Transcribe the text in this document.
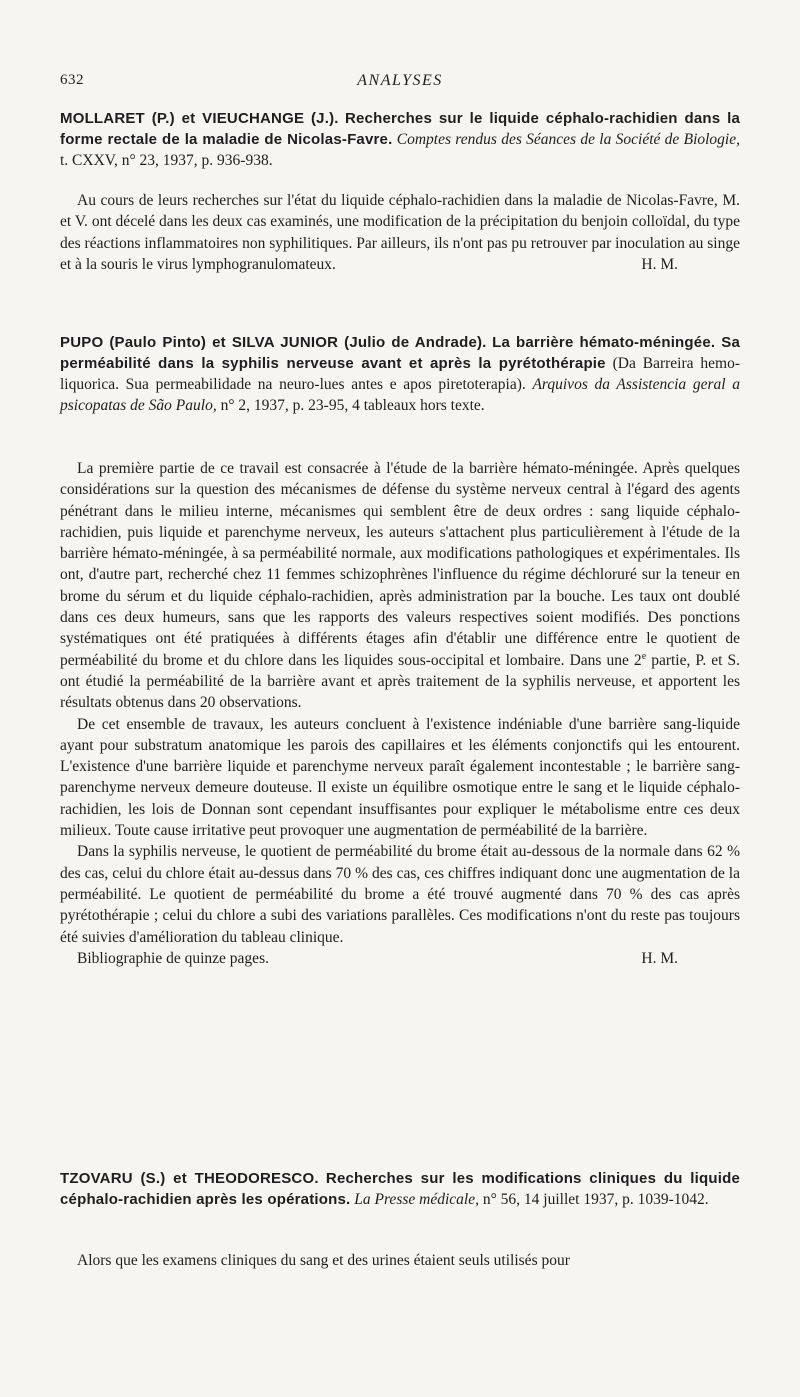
632	ANALYSES
MOLLARET (P.) et VIEUCHANGE (J.). Recherches sur le liquide céphalo-rachidien dans la forme rectale de la maladie de Nicolas-Favre. Comptes rendus des Séances de la Société de Biologie, t. CXXV, n° 23, 1937, p. 936-938.

Au cours de leurs recherches sur l'état du liquide céphalo-rachidien dans la maladie de Nicolas-Favre, M. et V. ont décelé dans les deux cas examinés, une modification de la précipitation du benjoin colloïdal, du type des réactions inflammatoires non syphilitiques. Par ailleurs, ils n'ont pas pu retrouver par inoculation au singe et à la souris le virus lymphogranulomateux.	H. M.
PUPO (Paulo Pinto) et SILVA JUNIOR (Julio de Andrade). La barrière hémato-méningée. Sa perméabilité dans la syphilis nerveuse avant et après la pyrétothérapie (Da Barreira hemo-liquorica. Sua permeabilidade na neuro-lues antes e apos piretoterapia). Arquivos da Assistencia geral a psicopatas de São Paulo, n° 2, 1937, p. 23-95, 4 tableaux hors texte.

La première partie de ce travail est consacrée à l'étude de la barrière hémato-méningée. Après quelques considérations sur la question des mécanismes de défense du système nerveux central à l'égard des agents pénétrant dans le milieu interne, mécanismes qui semblent être de deux ordres : sang liquide céphalo-rachidien, puis liquide et parenchyme nerveux, les auteurs s'attachent plus particulièrement à l'étude de la barrière hémato-méningée, à sa perméabilité normale, aux modifications pathologiques et expérimentales. Ils ont, d'autre part, recherché chez 11 femmes schizophrènes l'influence du régime déchloruré sur la teneur en brome du sérum et du liquide céphalo-rachidien, après administration par la bouche. Les taux ont doublé dans ces deux humeurs, sans que les rapports des valeurs respectives soient modifiés. Des ponctions systématiques ont été pratiquées à différents étages afin d'établir une différence entre le quotient de perméabilité du brome et du chlore dans les liquides sous-occipital et lombaire. Dans une 2e partie, P. et S. ont étudié la perméabilité de la barrière avant et après traitement de la syphilis nerveuse, et apportent les résultats obtenus dans 20 observations.

De cet ensemble de travaux, les auteurs concluent à l'existence indéniable d'une barrière sang-liquide ayant pour substratum anatomique les parois des capillaires et les éléments conjonctifs qui les entourent. L'existence d'une barrière liquide et parenchyme nerveux paraît également incontestable ; le barrière sang-parenchyme nerveux demeure douteuse. Il existe un équilibre osmotique entre le sang et le liquide céphalo-rachidien, les lois de Donnan sont cependant insuffisantes pour expliquer le métabolisme entre ces deux milieux. Toute cause irritative peut provoquer une augmentation de perméabilité de la barrière.

Dans la syphilis nerveuse, le quotient de perméabilité du brome était au-dessous de la normale dans 62 % des cas, celui du chlore était au-dessus dans 70 % des cas, ces chiffres indiquant donc une augmentation de la perméabilité. Le quotient de perméabilité du brome a été trouvé augmenté dans 70 % des cas après pyrétothérapie ; celui du chlore a subi des variations parallèles. Ces modifications n'ont du reste pas toujours été suivies d'amélioration du tableau clinique.

Bibliographie de quinze pages.	H. M.
TZOVARU (S.) et THEODORESCO. Recherches sur les modifications cliniques du liquide céphalo-rachidien après les opérations. La Presse médicale, n° 56, 14 juillet 1937, p. 1039-1042.

Alors que les examens cliniques du sang et des urines étaient seuls utilisés pour
